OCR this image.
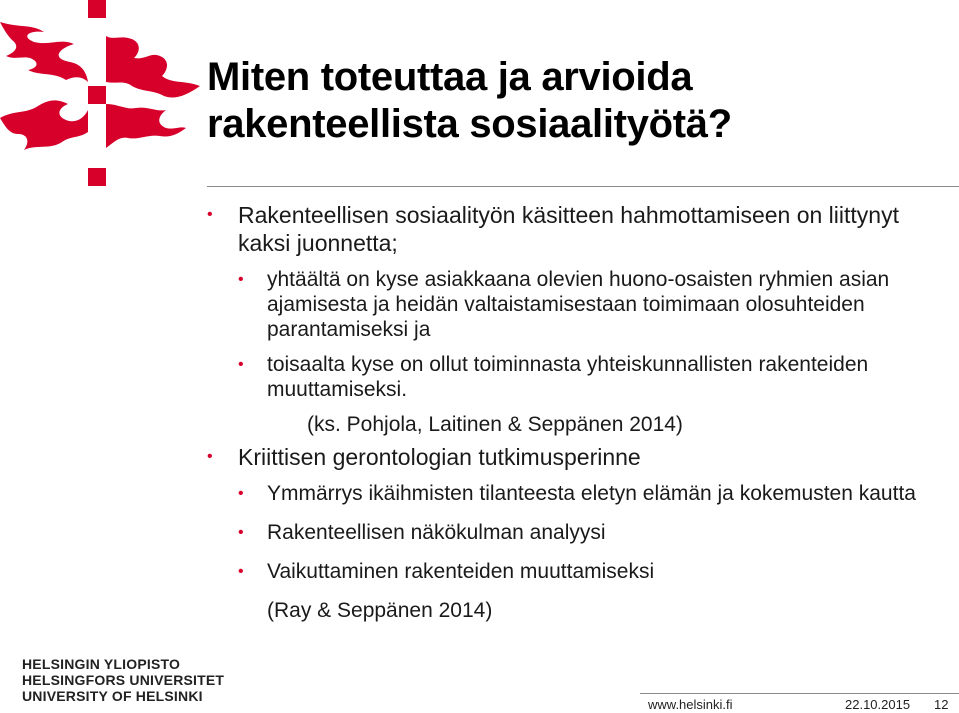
Miten toteuttaa ja arvioida rakenteellista sosiaalityötä?
• Rakenteellisen sosiaalityön käsitteen hahmottamiseen on liittynyt kaksi juonnetta;
• yhtäältä on kyse asiakkaana olevien huono-osaisten ryhmien asian ajamisesta ja heidän valtaistamisestaan toimimaan olosuhteiden parantamiseksi ja
• toisaalta kyse on ollut toiminnasta yhteiskunnallisten rakenteiden muuttamiseksi.
(ks. Pohjola, Laitinen & Seppänen 2014)
• Kriittisen gerontologian tutkimusperinne
• Ymmärrys ikäihmisten tilanteesta eletyn elämän ja kokemusten kautta
• Rakenteellisen näkökulman analyysi
• Vaikuttaminen rakenteiden muuttamiseksi
(Ray & Seppänen 2014)
HELSINGIN YLIOPISTO
HELSINGFORS UNIVERSITET
UNIVERSITY OF HELSINKI
www.helsinki.fi	22.10.2015 12
